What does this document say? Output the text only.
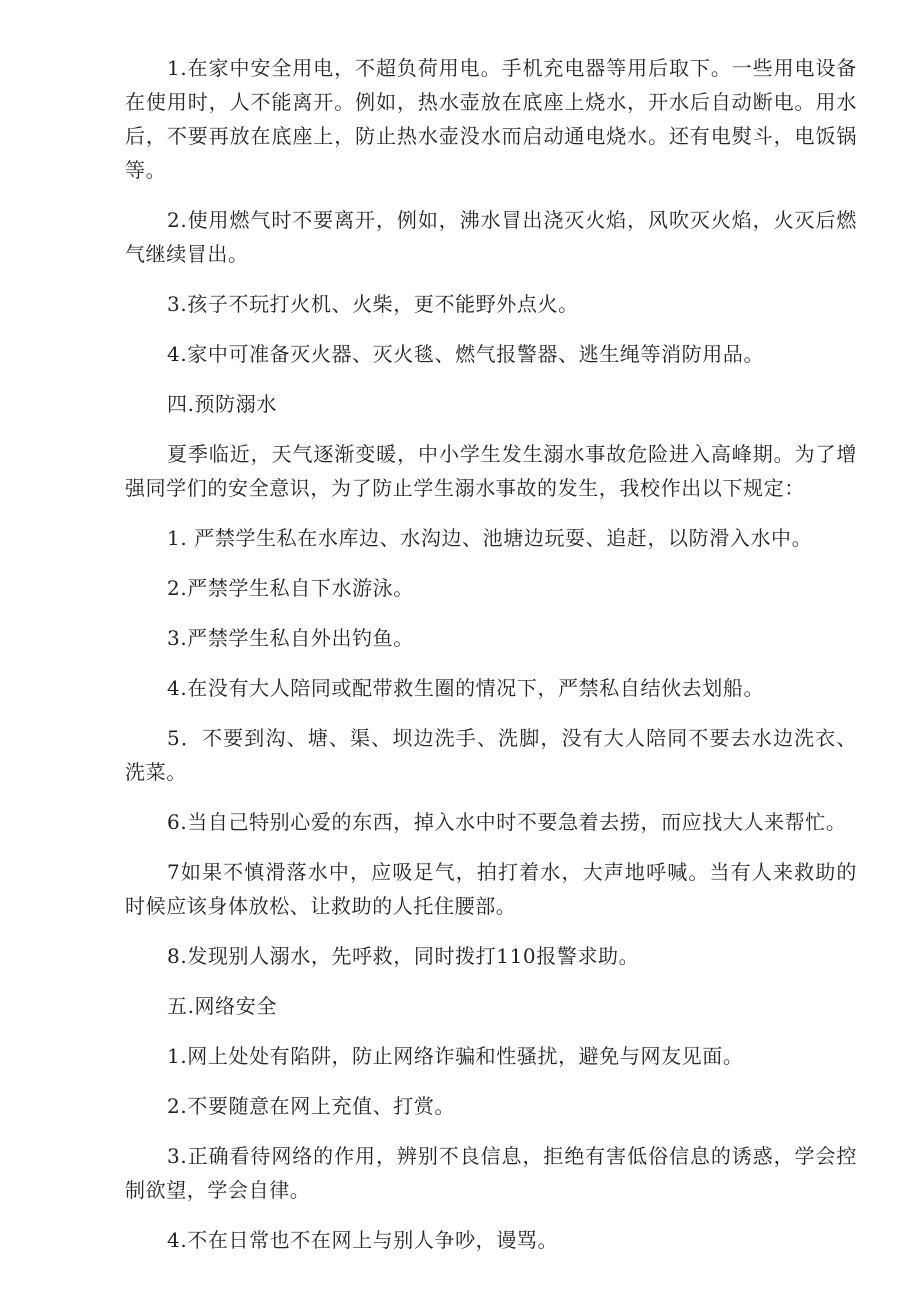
1.在家中安全用电，不超负荷用电。手机充电器等用后取下。一些用电设备在使用时，人不能离开。例如，热水壶放在底座上烧水，开水后自动断电。用水后，不要再放在底座上，防止热水壶没水而启动通电烧水。还有电熨斗，电饭锅等。

2.使用燃气时不要离开，例如，沸水冒出浇灭火焰，风吹灭火焰，火灭后燃气继续冒出。

3.孩子不玩打火机、火柴，更不能野外点火。

4.家中可准备灭火器、灭火毯、燃气报警器、逃生绳等消防用品。

四.预防溺水

夏季临近，天气逐渐变暖，中小学生发生溺水事故危险进入高峰期。为了增强同学们的安全意识，为了防止学生溺水事故的发生，我校作出以下规定：

1. 严禁学生私在水库边、水沟边、池塘边玩耍、追赶，以防滑入水中。

2.严禁学生私自下水游泳。

3.严禁学生私自外出钓鱼。

4.在没有大人陪同或配带救生圈的情况下，严禁私自结伙去划船。

5．不要到沟、塘、渠、坝边洗手、洗脚，没有大人陪同不要去水边洗衣、洗菜。

6.当自己特别心爱的东西，掉入水中时不要急着去捞，而应找大人来帮忙。

7如果不慎滑落水中，应吸足气，拍打着水，大声地呼喊。当有人来救助的时候应该身体放松、让救助的人托住腰部。

8.发现别人溺水，先呼救，同时拨打110报警求助。

五.网络安全

1.网上处处有陷阱，防止网络诈骗和性骚扰，避免与网友见面。

2.不要随意在网上充值、打赏。

3.正确看待网络的作用，辨别不良信息，拒绝有害低俗信息的诱惑，学会控制欲望，学会自律。

4.不在日常也不在网上与别人争吵，谩骂。
